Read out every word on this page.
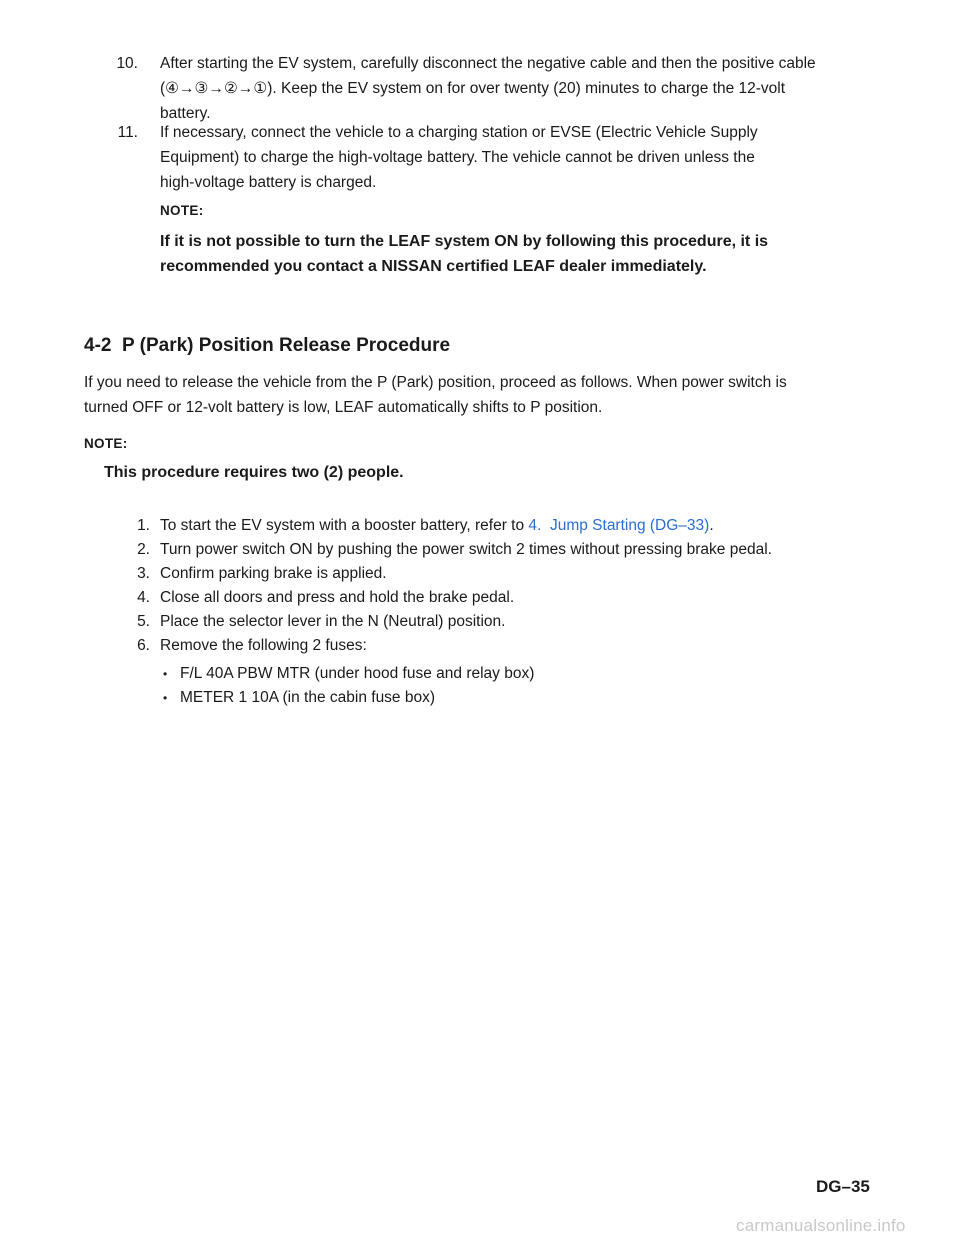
10. After starting the EV system, carefully disconnect the negative cable and then the positive cable
(④→③→②→①). Keep the EV system on for over twenty (20) minutes to charge the 12-volt
battery.
11. If necessary, connect the vehicle to a charging station or EVSE (Electric Vehicle Supply
Equipment) to charge the high-voltage battery. The vehicle cannot be driven unless the
high-voltage battery is charged.
NOTE:
If it is not possible to turn the LEAF system ON by following this procedure, it is
recommended you contact a NISSAN certified LEAF dealer immediately.
4-2  P (Park) Position Release Procedure
If you need to release the vehicle from the P (Park) position, proceed as follows. When power switch is
turned OFF or 12-volt battery is low, LEAF automatically shifts to P position.
NOTE:
This procedure requires two (2) people.
1. To start the EV system with a booster battery, refer to 4.  Jump Starting (DG–33).
2. Turn power switch ON by pushing the power switch 2 times without pressing brake pedal.
3. Confirm parking brake is applied.
4. Close all doors and press and hold the brake pedal.
5. Place the selector lever in the N (Neutral) position.
6. Remove the following 2 fuses:
• F/L 40A PBW MTR (under hood fuse and relay box)
• METER 1 10A (in the cabin fuse box)
DG–35
carmanualsonline.info
